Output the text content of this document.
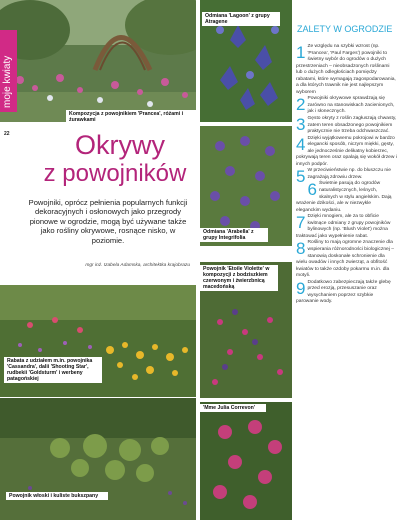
Kompozycja z powojnikiem 'Prancea', różami i żurawkami
moje kwiaty
22	Okrywy
z powojników
Powojniki, oprócz pełnienia popularnych funkcji dekoracyjnych i osłonowych jako przegrody pionowe w ogrodzie, mogą być używane także jako rośliny okrywowe, rosnące nisko, w poziomie.
mgr inż. Izabela Adamska, architektka krajobrazu
Rabata z udziałem m.in. powojnika 'Cassandra', dalii 'Shooting Star', rudbekii 'Goldsturm' i werbeny patagońskiej
Powojnik włoski i kuliste bukszpany
Odmiana 'Lagoon' z grupy Atragene
Odmiana 'Arabella' z grupy Integrifolia
Powojnik 'Etoile Violette' w kompozycji z bodziszkiem czerwonym i żwierzbnicą macedońską
'Mme Julia Correvon'
ZALETY W OGRODZIE
1 Ze względu na szybki wzrost (np. 'Prancea', 'Paul Farges') powojniki to świetny wybór do ogrodów o dużych przestrzeniach – nieobsadzonych roślinami lub o dużych odległościach pomiędzy rabatami, które wymagają zagospodarowania, a dla których trawnik nie jest najlepszym wyborem

2 Powojniki okrywowe sprawdzają się zarówno na stanowiskach zacienionych, jak i słonecznych.

3 Gęsto okryty z roślin zagłuszają chwasty, zatem teren obsadzonego powojnikiem praktycznie nie trzeba odchwaszczać.

4 Dzięki wyjątkowemu pokrojowi w bardzo elegancki sposób, niczym miękki, gęsty, ale jednocześnie delikatny kobierzec, pokrywają teren oraz opalają się wokół drzew i innych podpór.

5 W przeciwieństwie np. do bluszczu nie zagrażają zdrowiu drzew.

6 Świetnie pasują do ogrodów naturalistycznych, leśnych, skalnych w stylu angielskim. Dają wrażenie dzikości, ale w niezwykle eleganckim wydaniu.

7 Dzięki mnogiem, ale za to obficie kwitnące odmiany z grupy powojników bylinowych (np. 'Blush Violet') można traktować jako wypełnienie rabat.

8 Rośliny to mają ogromne znaczenie dla wspierania różnorodności biologicznej – stanowią doskonałe schronienie dla wielu owadów i innych zwierząt, a obfitość kwiatów to także ozdoby pokarmu m.in. dla motyli.

9 Dodatkowo zabezpieczają także glebę przed erozją, przesuszanie oraz wysychaniem poprzez szybkie parowanie wody.
